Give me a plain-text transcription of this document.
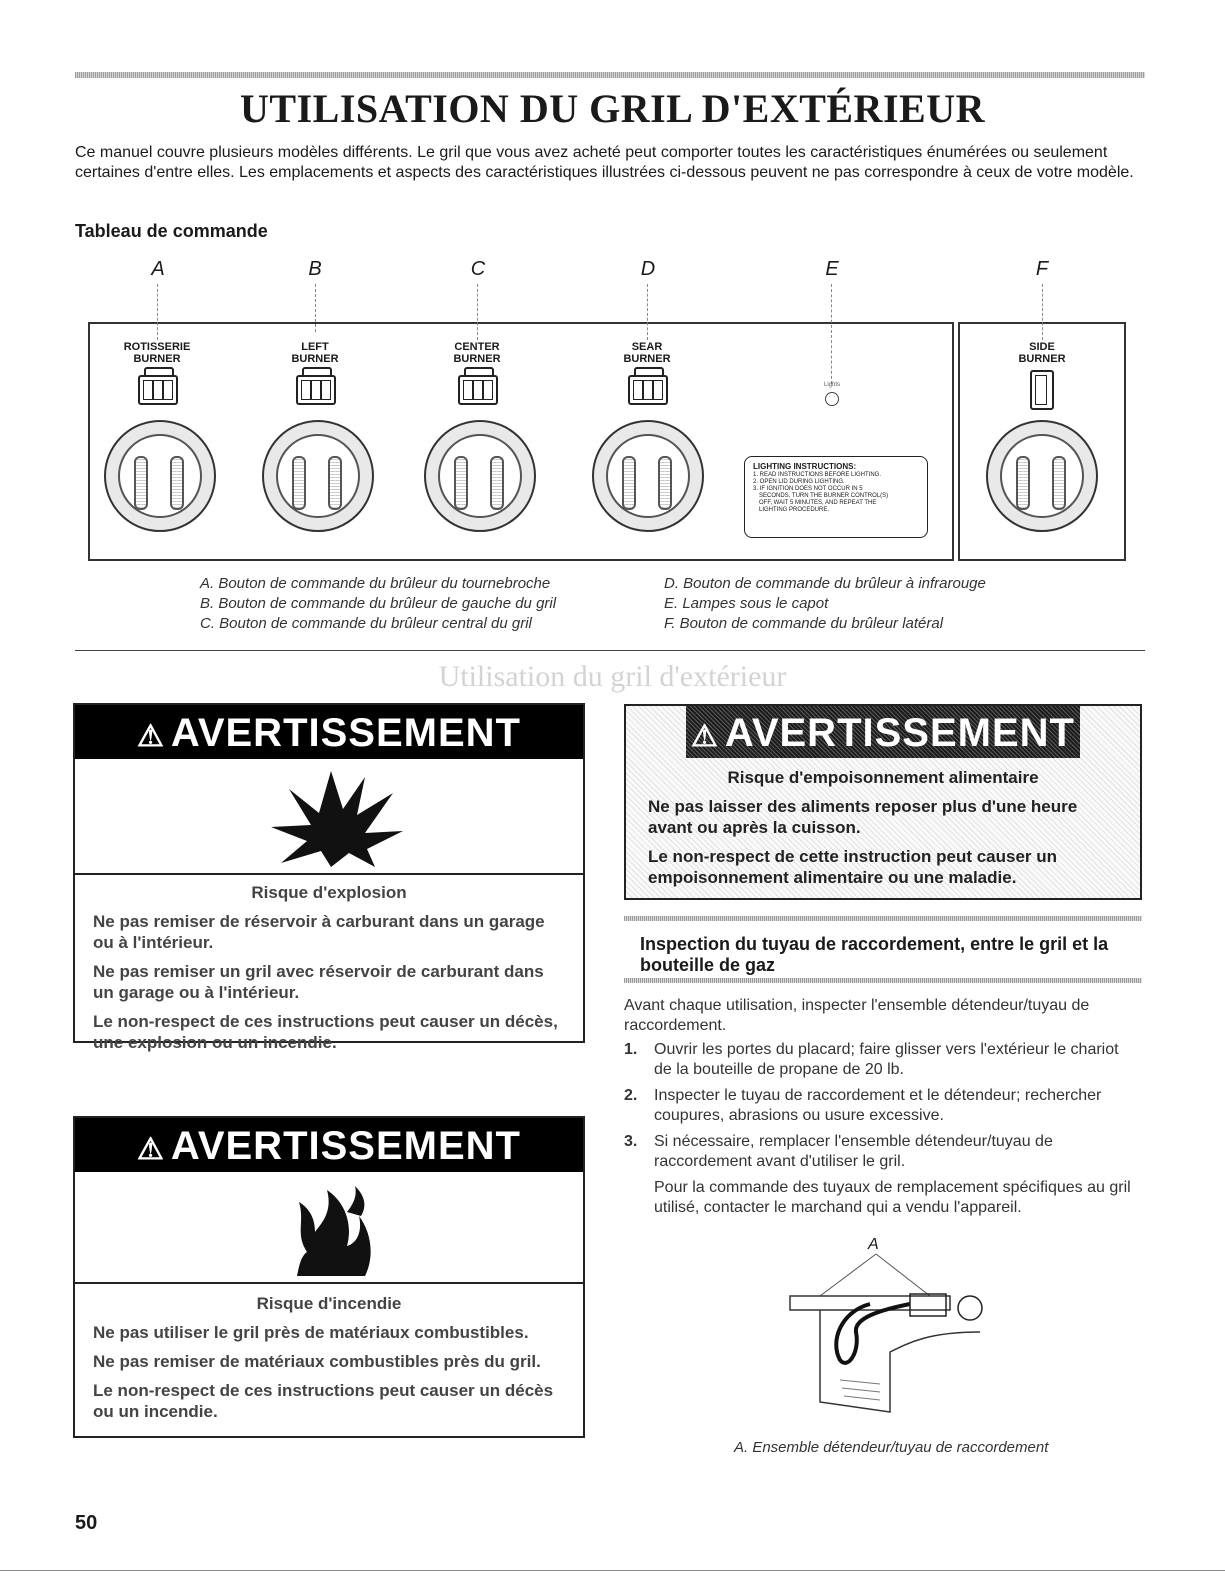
UTILISATION DU GRIL D'EXTÉRIEUR
Ce manuel couvre plusieurs modèles différents. Le gril que vous avez acheté peut comporter toutes les caractéristiques énumérées ou seulement certaines d'entre elles. Les emplacements et aspects des caractéristiques illustrées ci-dessous peuvent ne pas correspondre à ceux de votre modèle.
Tableau de commande
A	B	C	D	E	F
ROTISSERIE
BURNER
LEFT
BURNER
CENTER
BURNER
SEAR
BURNER
SIDE
BURNER
Lights
LIGHTING INSTRUCTIONS:
1. READ INSTRUCTIONS BEFORE LIGHTING.
2. OPEN LID DURING LIGHTING.
3. IF IGNITION DOES NOT OCCUR IN 5
SECONDS, TURN THE BURNER CONTROL(S)
OFF, WAIT 5 MINUTES, AND REPEAT THE
LIGHTING PROCEDURE.
A. Bouton de commande du brûleur du tournebroche
B. Bouton de commande du brûleur de gauche du gril
C. Bouton de commande du brûleur central du gril
D. Bouton de commande du brûleur à infrarouge
E. Lampes sous le capot
F. Bouton de commande du brûleur latéral
Utilisation du gril d'extérieur
⚠ AVERTISSEMENT
Risque d'explosion
Ne pas remiser de réservoir à carburant dans un garage ou à l'intérieur.
Ne pas remiser un gril avec réservoir de carburant dans un garage ou à l'intérieur.
Le non-respect de ces instructions peut causer un décès, une explosion ou un incendie.
⚠ AVERTISSEMENT
Risque d'incendie
Ne pas utiliser le gril près de matériaux combustibles.
Ne pas remiser de matériaux combustibles près du gril.
Le non-respect de ces instructions peut causer un décès ou un incendie.
⚠ AVERTISSEMENT
Risque d'empoisonnement alimentaire
Ne pas laisser des aliments reposer plus d'une heure avant ou après la cuisson.
Le non-respect de cette instruction peut causer un empoisonnement alimentaire ou une maladie.
Inspection du tuyau de raccordement, entre le gril et la bouteille de gaz
Avant chaque utilisation, inspecter l'ensemble détendeur/tuyau de raccordement.
1. Ouvrir les portes du placard; faire glisser vers l'extérieur le chariot de la bouteille de propane de 20 lb.
2. Inspecter le tuyau de raccordement et le détendeur; rechercher coupures, abrasions ou usure excessive.
3. Si nécessaire, remplacer l'ensemble détendeur/tuyau de raccordement avant d'utiliser le gril.
Pour la commande des tuyaux de remplacement spécifiques au gril utilisé, contacter le marchand qui a vendu l'appareil.
A
A. Ensemble détendeur/tuyau de raccordement
50
